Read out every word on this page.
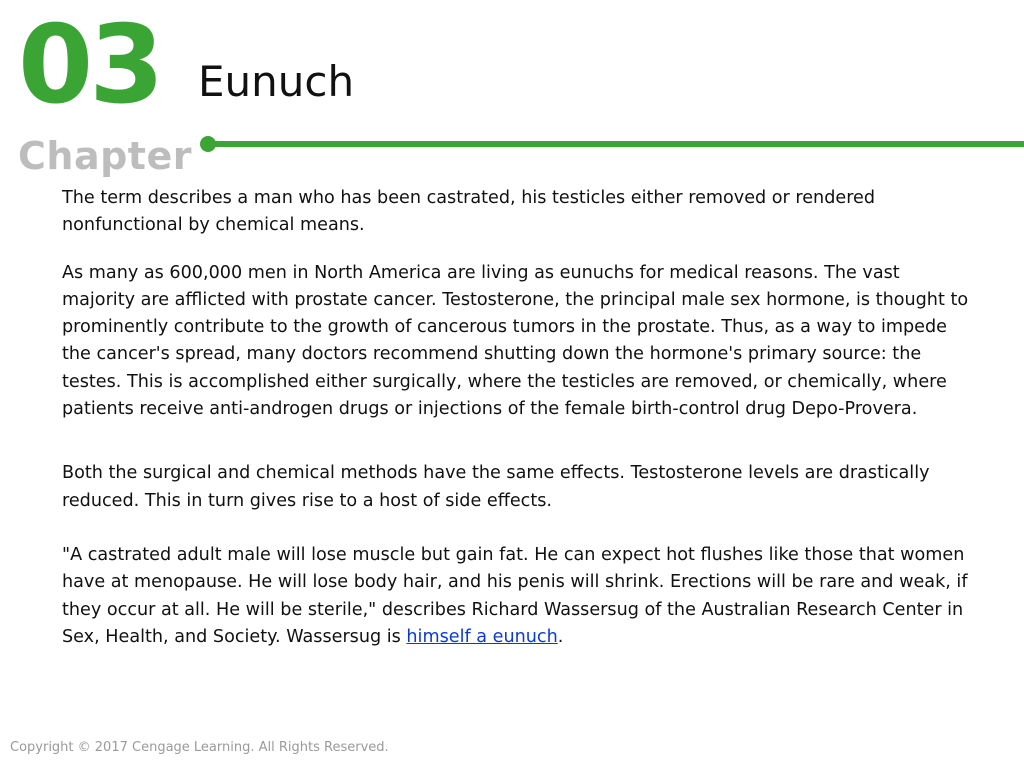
03
Chapter
Eunuch

The term describes a man who has been castrated, his testicles either removed or rendered nonfunctional by chemical means.

As many as 600,000 men in North America are living as eunuchs for medical reasons. The vast majority are afflicted with prostate cancer. Testosterone, the principal male sex hormone, is thought to prominently contribute to the growth of cancerous tumors in the prostate. Thus, as a way to impede the cancer's spread, many doctors recommend shutting down the hormone's primary source: the testes. This is accomplished either surgically, where the testicles are removed, or chemically, where patients receive anti-androgen drugs or injections of the female birth-control drug Depo-Provera.

Both the surgical and chemical methods have the same effects. Testosterone levels are drastically reduced. This in turn gives rise to a host of side effects.

"A castrated adult male will lose muscle but gain fat. He can expect hot flushes like those that women have at menopause. He will lose body hair, and his penis will shrink. Erections will be rare and weak, if they occur at all. He will be sterile," describes Richard Wassersug of the Australian Research Center in Sex, Health, and Society. Wassersug is himself a eunuch.

Copyright © 2017 Cengage Learning. All Rights Reserved.
